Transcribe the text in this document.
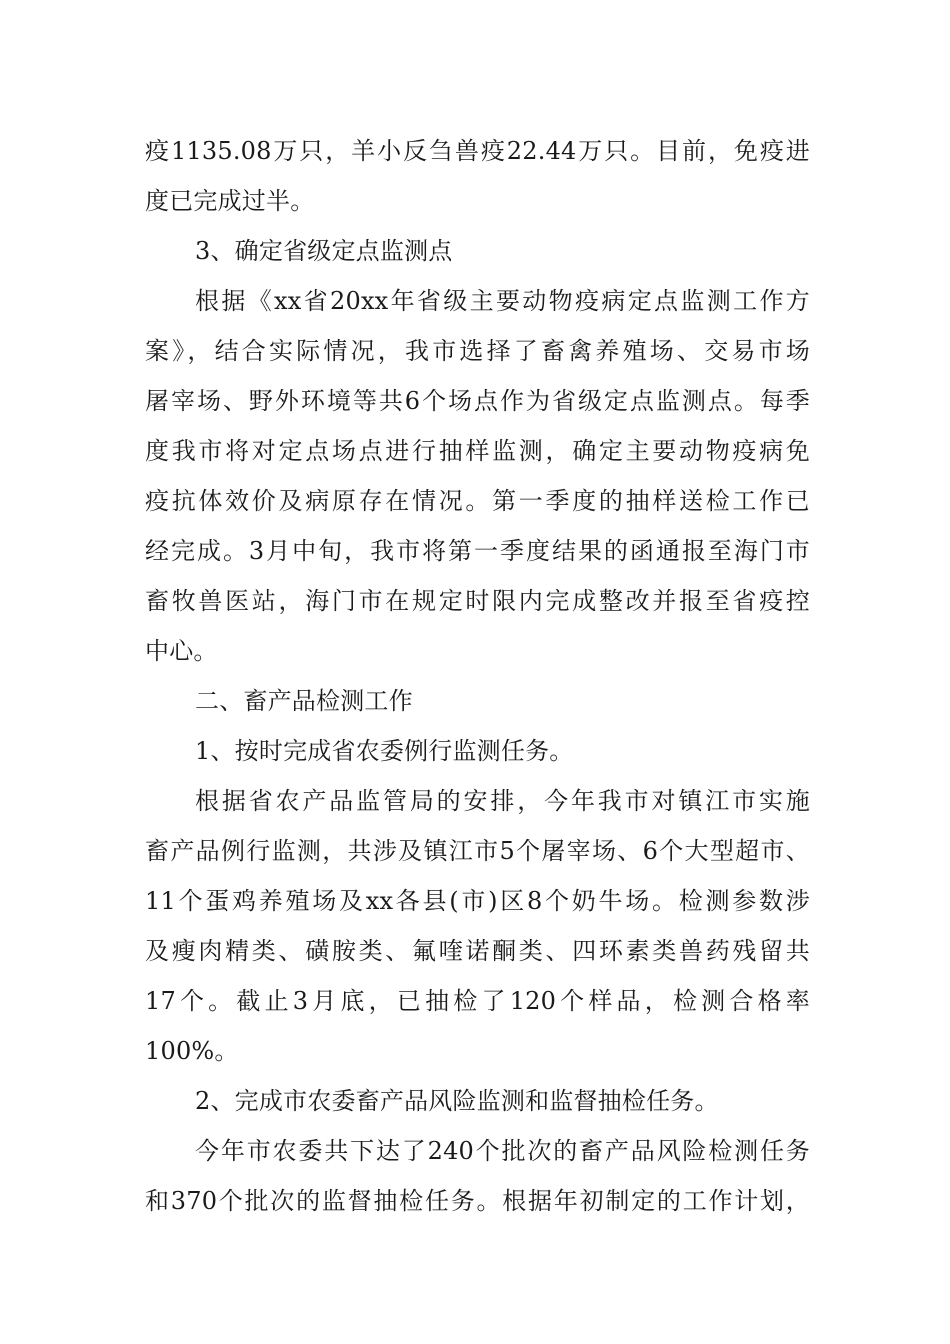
疫1135.08万只，羊小反刍兽疫22.44万只。目前，免疫进
度已完成过半。
3、确定省级定点监测点
根据《xx省20xx年省级主要动物疫病定点监测工作方
案》，结合实际情况，我市选择了畜禽养殖场、交易市场
屠宰场、野外环境等共6个场点作为省级定点监测点。每季
度我市将对定点场点进行抽样监测，确定主要动物疫病免
疫抗体效价及病原存在情况。第一季度的抽样送检工作已
经完成。3月中旬，我市将第一季度结果的函通报至海门市
畜牧兽医站，海门市在规定时限内完成整改并报至省疫控
中心。
二、畜产品检测工作
1、按时完成省农委例行监测任务。
根据省农产品监管局的安排，今年我市对镇江市实施
畜产品例行监测，共涉及镇江市5个屠宰场、6个大型超市、
11个蛋鸡养殖场及xx各县(市)区8个奶牛场。检测参数涉
及瘦肉精类、磺胺类、氟喹诺酮类、四环素类兽药残留共
17个。截止3月底，已抽检了120个样品，检测合格率
100%。
2、完成市农委畜产品风险监测和监督抽检任务。
今年市农委共下达了240个批次的畜产品风险检测任务
和370个批次的监督抽检任务。根据年初制定的工作计划，
